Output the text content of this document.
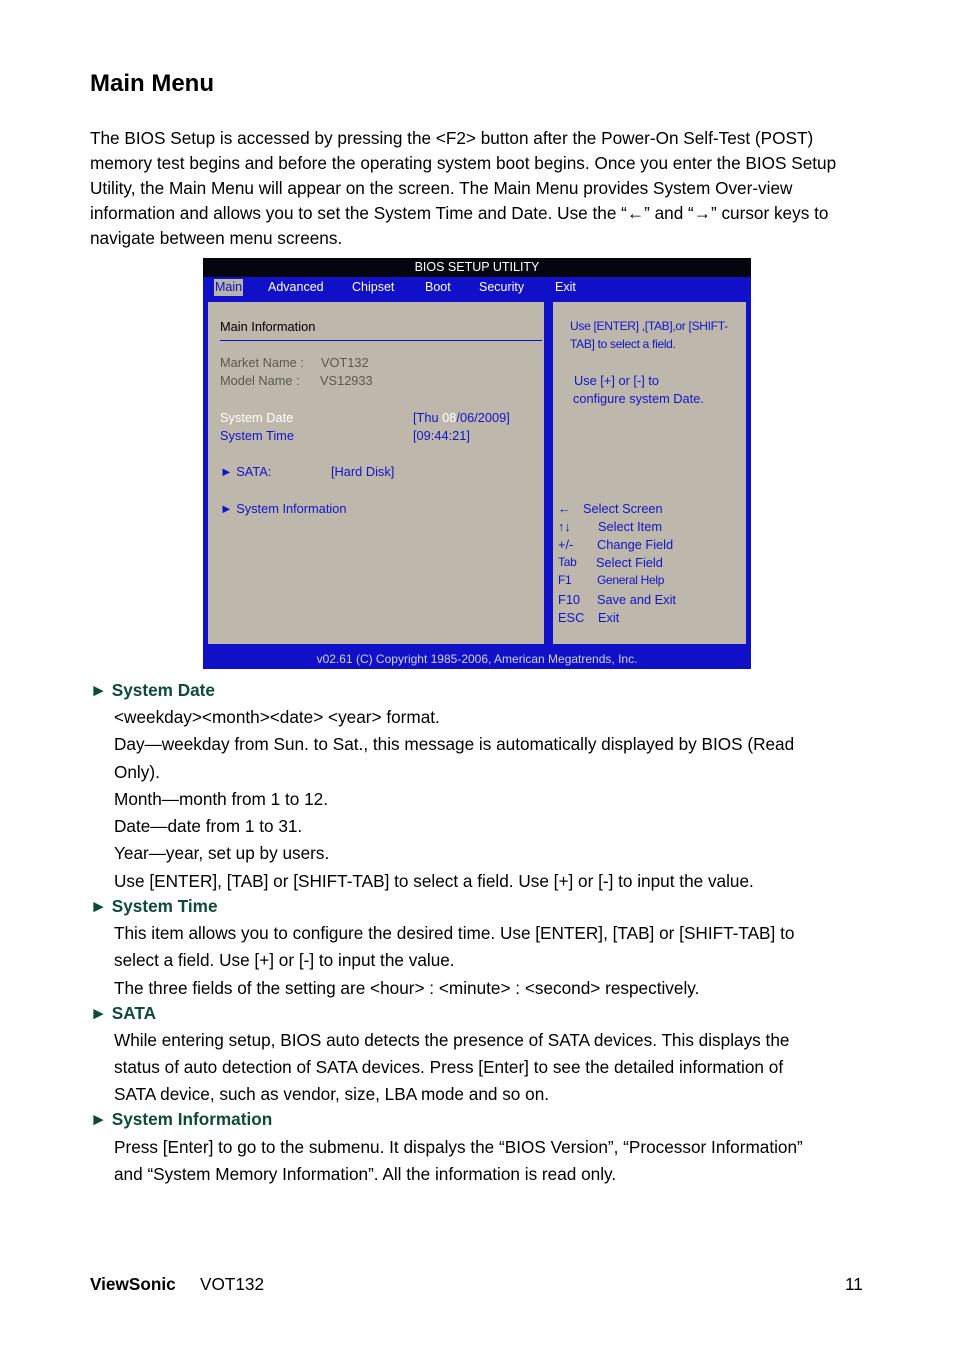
Main Menu

The BIOS Setup is accessed by pressing the <F2> button after the Power-On Self-Test (POST) memory test begins and before the operating system boot begins. Once you enter the BIOS Setup Utility, the Main Menu will appear on the screen. The Main Menu provides System Over-view information and allows you to set the System Time and Date. Use the “←” and “→” cursor keys to navigate between menu screens.

BIOS SETUP UTILITY
Main Advanced Chipset Boot Security Exit
Main Information
Market Name : VOT132
Model Name : VS12933
System Date	[Thu 08/06/2009]
System Time	[09:44:21]
► SATA:	[Hard Disk]
► System Information
Use [ENTER] ,[TAB],or [SHIFT-
TAB] to select a field.
Use [+] or [-] to
configure system Date.
← Select Screen
↑↓ Select Item
+/- Change Field
Tab Select Field
F1 General Help
F10 Save and Exit
ESC Exit
v02.61 (C) Copyright 1985-2006, American Megatrends, Inc.
► System Date
<weekday><month><date> <year> format.
Day—weekday from Sun. to Sat., this message is automatically displayed by BIOS (Read
Only).
Month—month from 1 to 12.
Date—date from 1 to 31.
Year—year, set up by users.
Use [ENTER], [TAB] or [SHIFT-TAB] to select a field. Use [+] or [-] to input the value.
► System Time
This item allows you to configure the desired time. Use [ENTER], [TAB] or [SHIFT-TAB] to
select a field. Use [+] or [-] to input the value.
The three fields of the setting are <hour> : <minute> : <second> respectively.
► SATA
While entering setup, BIOS auto detects the presence of SATA devices. This displays the
status of auto detection of SATA devices. Press [Enter] to see the detailed information of
SATA device, such as vendor, size, LBA mode and so on.
► System Information
Press [Enter] to go to the submenu. It dispalys the “BIOS Version”, “Processor Information”
and “System Memory Information”. All the information is read only.
ViewSonic VOT132	11
